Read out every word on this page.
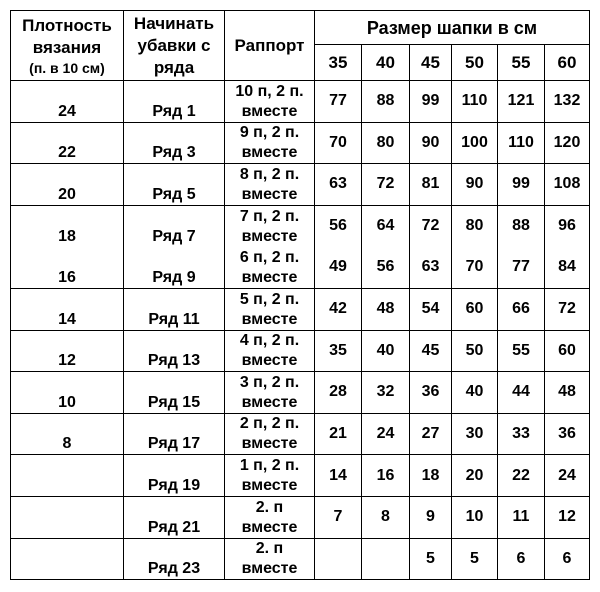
Плотность вязания
(п. в 10 см)	Начинать убавки с ряда	Раппорт	Размер шапки в см					
			35	40	45	50	55	60
24	Ряд 1	10 п, 2 п.
вместе	77	88	99	110	121	132
22	Ряд 3	9 п, 2 п.
вместе	70	80	90	100	110	120
20	Ряд 5	8 п, 2 п.
вместе	63	72	81	90	99	108
18	Ряд 7	7 п, 2 п.
вместе	56	64	72	80	88	96
16	Ряд 9	6 п, 2 п.
вместе	49	56	63	70	77	84
14	Ряд 11	5 п, 2 п.
вместе	42	48	54	60	66	72
12	Ряд 13	4 п, 2 п.
вместе	35	40	45	50	55	60
10	Ряд 15	3 п, 2 п.
вместе	28	32	36	40	44	48
8	Ряд 17	2 п, 2 п.
вместе	21	24	27	30	33	36
	Ряд 19	1 п, 2 п.
вместе	14	16	18	20	22	24
	Ряд 21	2. п
вместе	7	8	9	10	11	12
	Ряд 23	2. п
вместе			5	5	6	6
